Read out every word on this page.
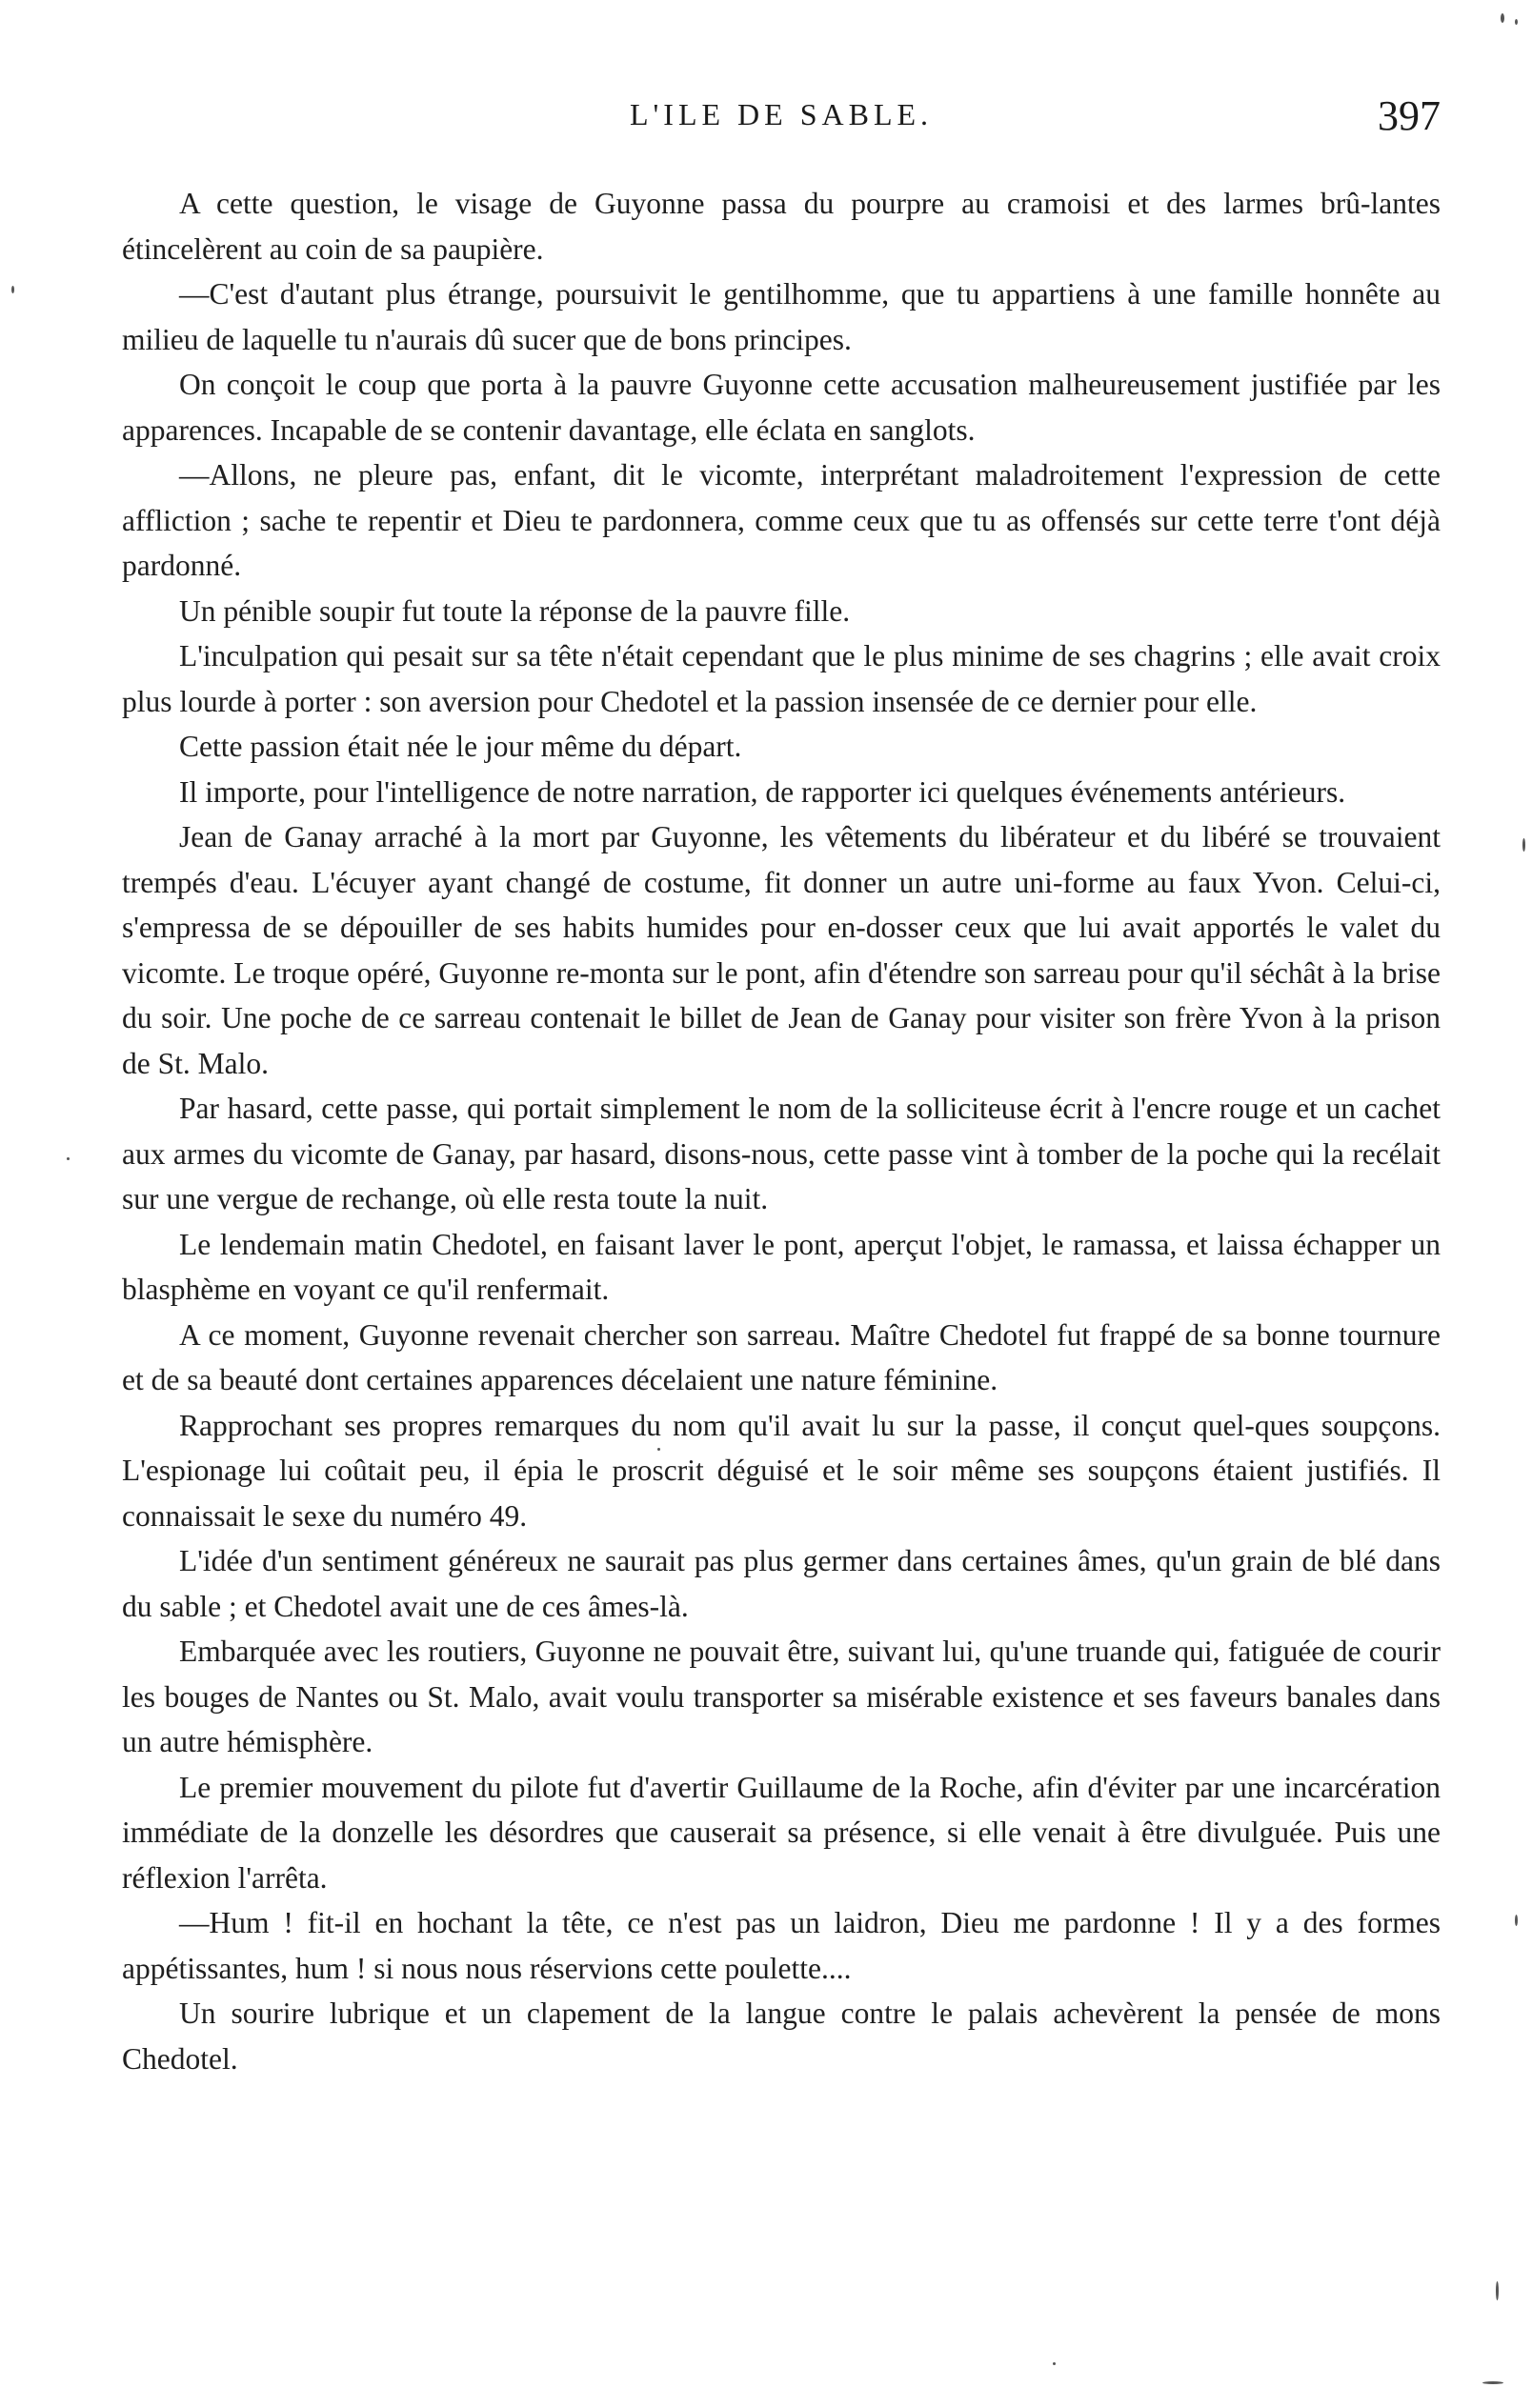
L'ILE DE SABLE.	397

A cette question, le visage de Guyonne passa du pourpre au cramoisi et des larmes brû-lantes étincelèrent au coin de sa paupière.

—C'est d'autant plus étrange, poursuivit le gentilhomme, que tu appartiens à une famille honnête au milieu de laquelle tu n'aurais dû sucer que de bons principes.

On conçoit le coup que porta à la pauvre Guyonne cette accusation malheureusement justifiée par les apparences. Incapable de se contenir davantage, elle éclata en sanglots.

—Allons, ne pleure pas, enfant, dit le vicomte, interprétant maladroitement l'expression de cette affliction ; sache te repentir et Dieu te pardonnera, comme ceux que tu as offensés sur cette terre t'ont déjà pardonné.

Un pénible soupir fut toute la réponse de la pauvre fille.

L'inculpation qui pesait sur sa tête n'était cependant que le plus minime de ses chagrins ; elle avait croix plus lourde à porter : son aversion pour Chedotel et la passion insensée de ce dernier pour elle.

Cette passion était née le jour même du départ.

Il importe, pour l'intelligence de notre narration, de rapporter ici quelques événements antérieurs.

Jean de Ganay arraché à la mort par Guyonne, les vêtements du libérateur et du libéré se trouvaient trempés d'eau. L'écuyer ayant changé de costume, fit donner un autre uni-forme au faux Yvon. Celui-ci, s'empressa de se dépouiller de ses habits humides pour en-dosser ceux que lui avait apportés le valet du vicomte. Le troque opéré, Guyonne re-monta sur le pont, afin d'étendre son sarreau pour qu'il séchât à la brise du soir. Une poche de ce sarreau contenait le billet de Jean de Ganay pour visiter son frère Yvon à la prison de St. Malo.

Par hasard, cette passe, qui portait simplement le nom de la solliciteuse écrit à l'encre rouge et un cachet aux armes du vicomte de Ganay, par hasard, disons-nous, cette passe vint à tomber de la poche qui la recélait sur une vergue de rechange, où elle resta toute la nuit.

Le lendemain matin Chedotel, en faisant laver le pont, aperçut l'objet, le ramassa, et laissa échapper un blasphème en voyant ce qu'il renfermait.

A ce moment, Guyonne revenait chercher son sarreau. Maître Chedotel fut frappé de sa bonne tournure et de sa beauté dont certaines apparences décelaient une nature féminine.

Rapprochant ses propres remarques du nom qu'il avait lu sur la passe, il conçut quel-ques soupçons. L'espionage lui coûtait peu, il épia le proscrit déguisé et le soir même ses soupçons étaient justifiés. Il connaissait le sexe du numéro 49.

L'idée d'un sentiment généreux ne saurait pas plus germer dans certaines âmes, qu'un grain de blé dans du sable ; et Chedotel avait une de ces âmes-là.

Embarquée avec les routiers, Guyonne ne pouvait être, suivant lui, qu'une truande qui, fatiguée de courir les bouges de Nantes ou St. Malo, avait voulu transporter sa misérable existence et ses faveurs banales dans un autre hémisphère.

Le premier mouvement du pilote fut d'avertir Guillaume de la Roche, afin d'éviter par une incarcération immédiate de la donzelle les désordres que causerait sa présence, si elle venait à être divulguée. Puis une réflexion l'arrêta.

—Hum ! fit-il en hochant la tête, ce n'est pas un laidron, Dieu me pardonne ! Il y a des formes appétissantes, hum ! si nous nous réservions cette poulette....

Un sourire lubrique et un clapement de la langue contre le palais achevèrent la pensée de mons Chedotel.
